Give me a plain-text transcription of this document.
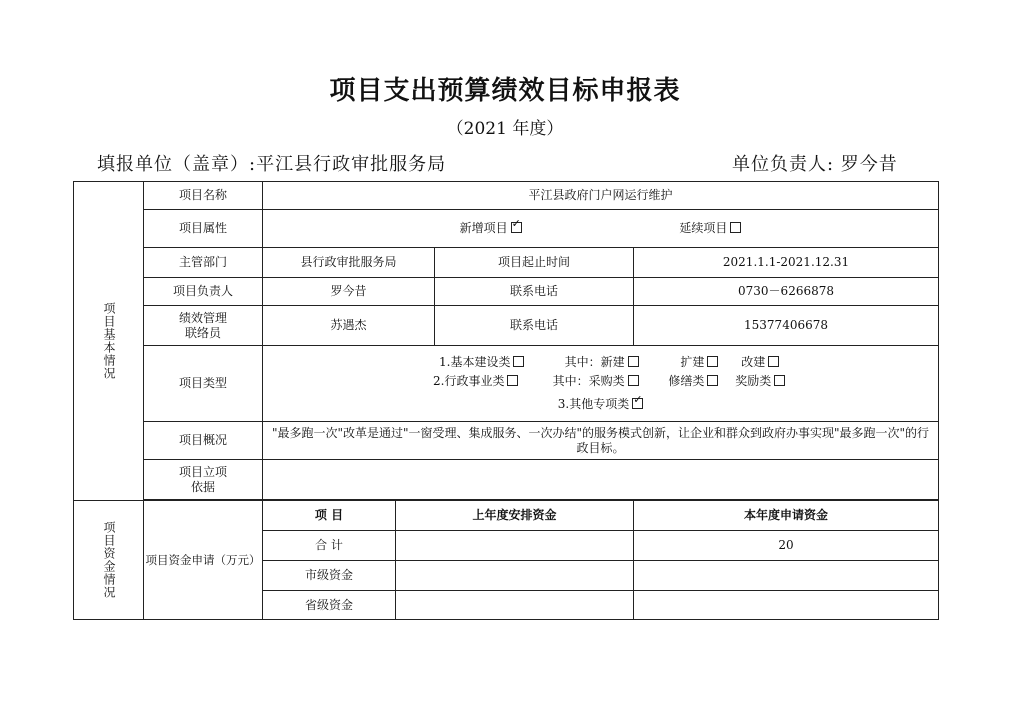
项目支出预算绩效目标申报表
（2021 年度）
填报单位（盖章）:平江县行政审批服务局	单位负责人: 罗今昔
项目基本情况	项目名称	平江县政府门户网运行维护			
	项目属性	新增项目 ✓ 延续项目
	主管部门	县行政审批服务局		项目起止时间	2021.1.1-2021.12.31
	项目负责人	罗今昔		联系电话	0730－6266878
	绩效管理
联络员	苏遇杰		联系电话	15377406678
	项目类型	1.基本建设类 其中：新建 扩建 改建
2.行政事业类 其中：采购类 修缮类 奖励类
3.其他专项类✓

	项目概况	"最多跑一次"改革是通过"一窗受理、集成服务、一次办结"的服务模式创新，让企业和群众到政府办事实现"最多跑一次"的行政目标。			
	项目立项
依据				

项目资金情况	项目资金申请（万元）	项 目	上年度安排资金		本年度申请资金
		合 计			20
		市级资金			
		省级资金			
